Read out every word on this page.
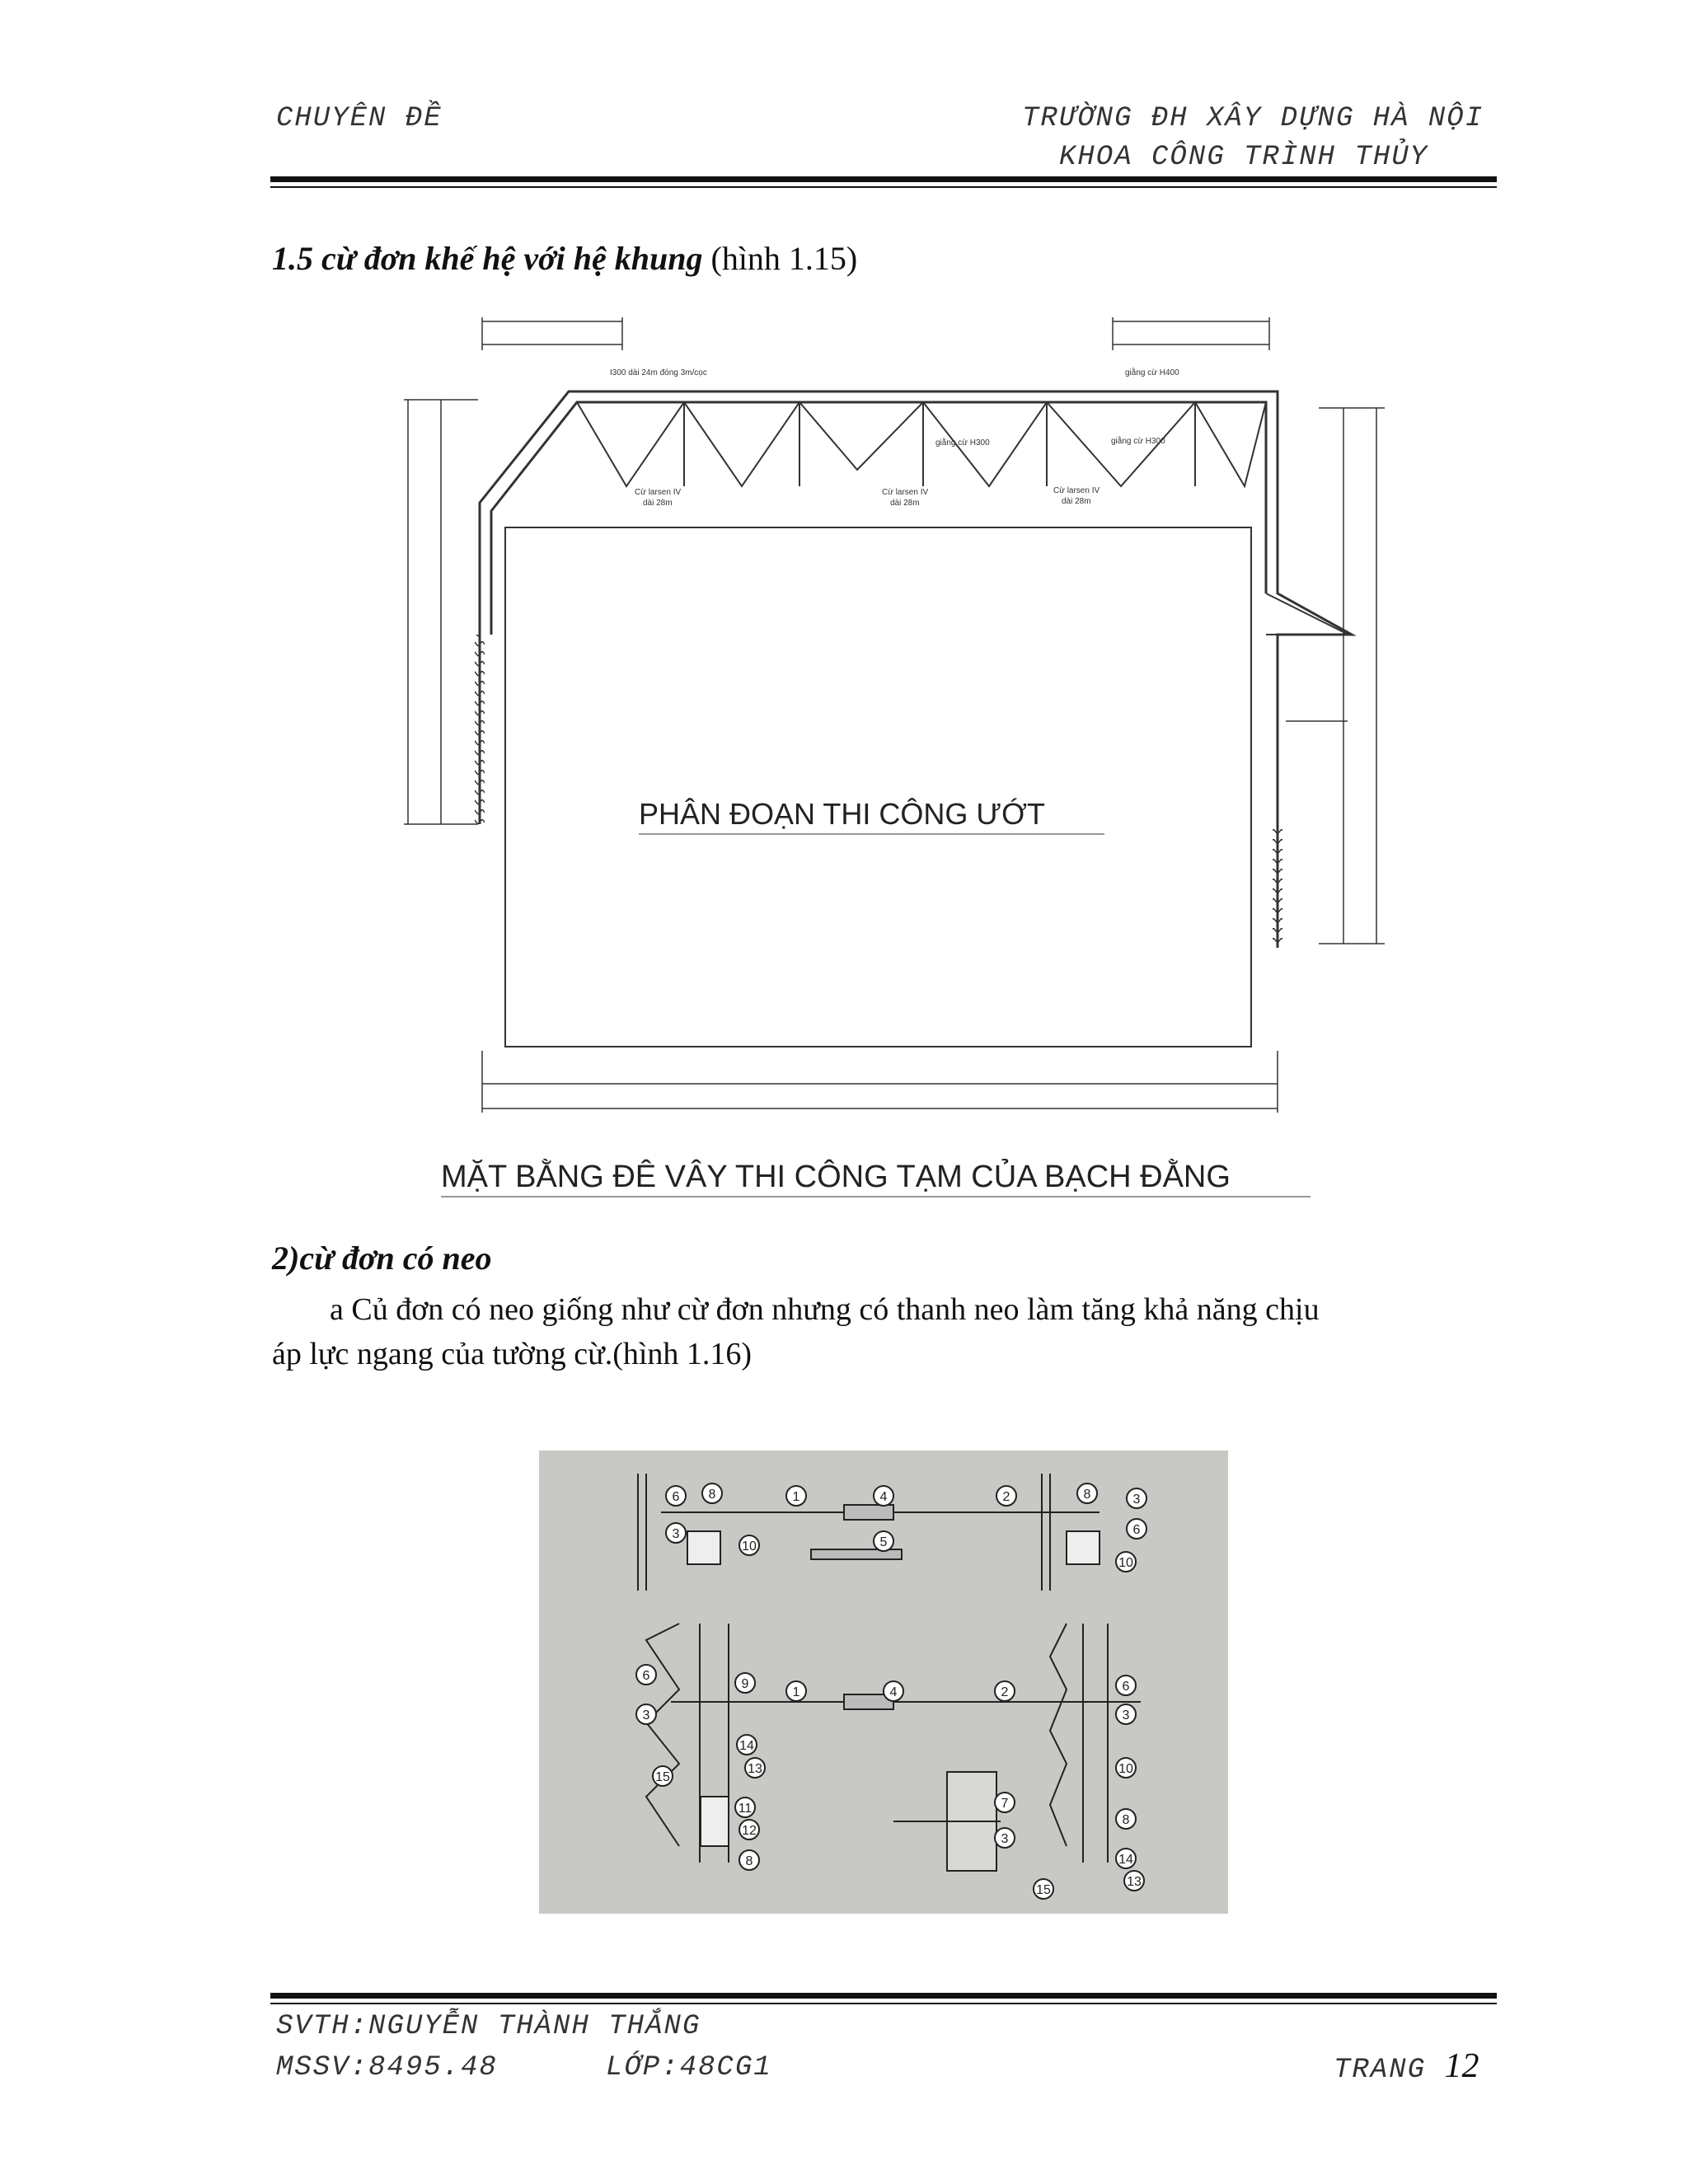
CHUYÊN ĐỀ	TRƯỜNG ĐH XÂY DỰNG HÀ NỘI
KHOA CÔNG TRÌNH THỦY
1.5 cừ đơn khế hệ với hệ khung (hình 1.15)
I300 dài 24m đóng 3m/cọc	giằng cừ H400
giằng cừ H300	giằng cừ H300
Cừ larsen IV
dài 28m
Cừ larsen IV
dài 28m
Cừ larsen IV
dài 28m
PHÂN ĐOẠN THI CÔNG ƯỚT
MẶT BẰNG ĐÊ VÂY THI CÔNG TẠM CỦA BẠCH ĐẰNG
2)cừ đơn có neo
a Củ đơn có neo giống như cừ đơn nhưng có thanh neo làm tăng khả năng chịu
áp lực ngang của tường cừ.(hình 1.16)
6 8
3
10
1	4
5
2	8	3
6
10
6
9
1	4	2	6
3
3
14
13
15
10
11
12
7
8
3
8	14
13
15
SVTH:NGUYỄN THÀNH THẮNG
MSSV:8495.48	LỚP:48CG1	TRANG 12
